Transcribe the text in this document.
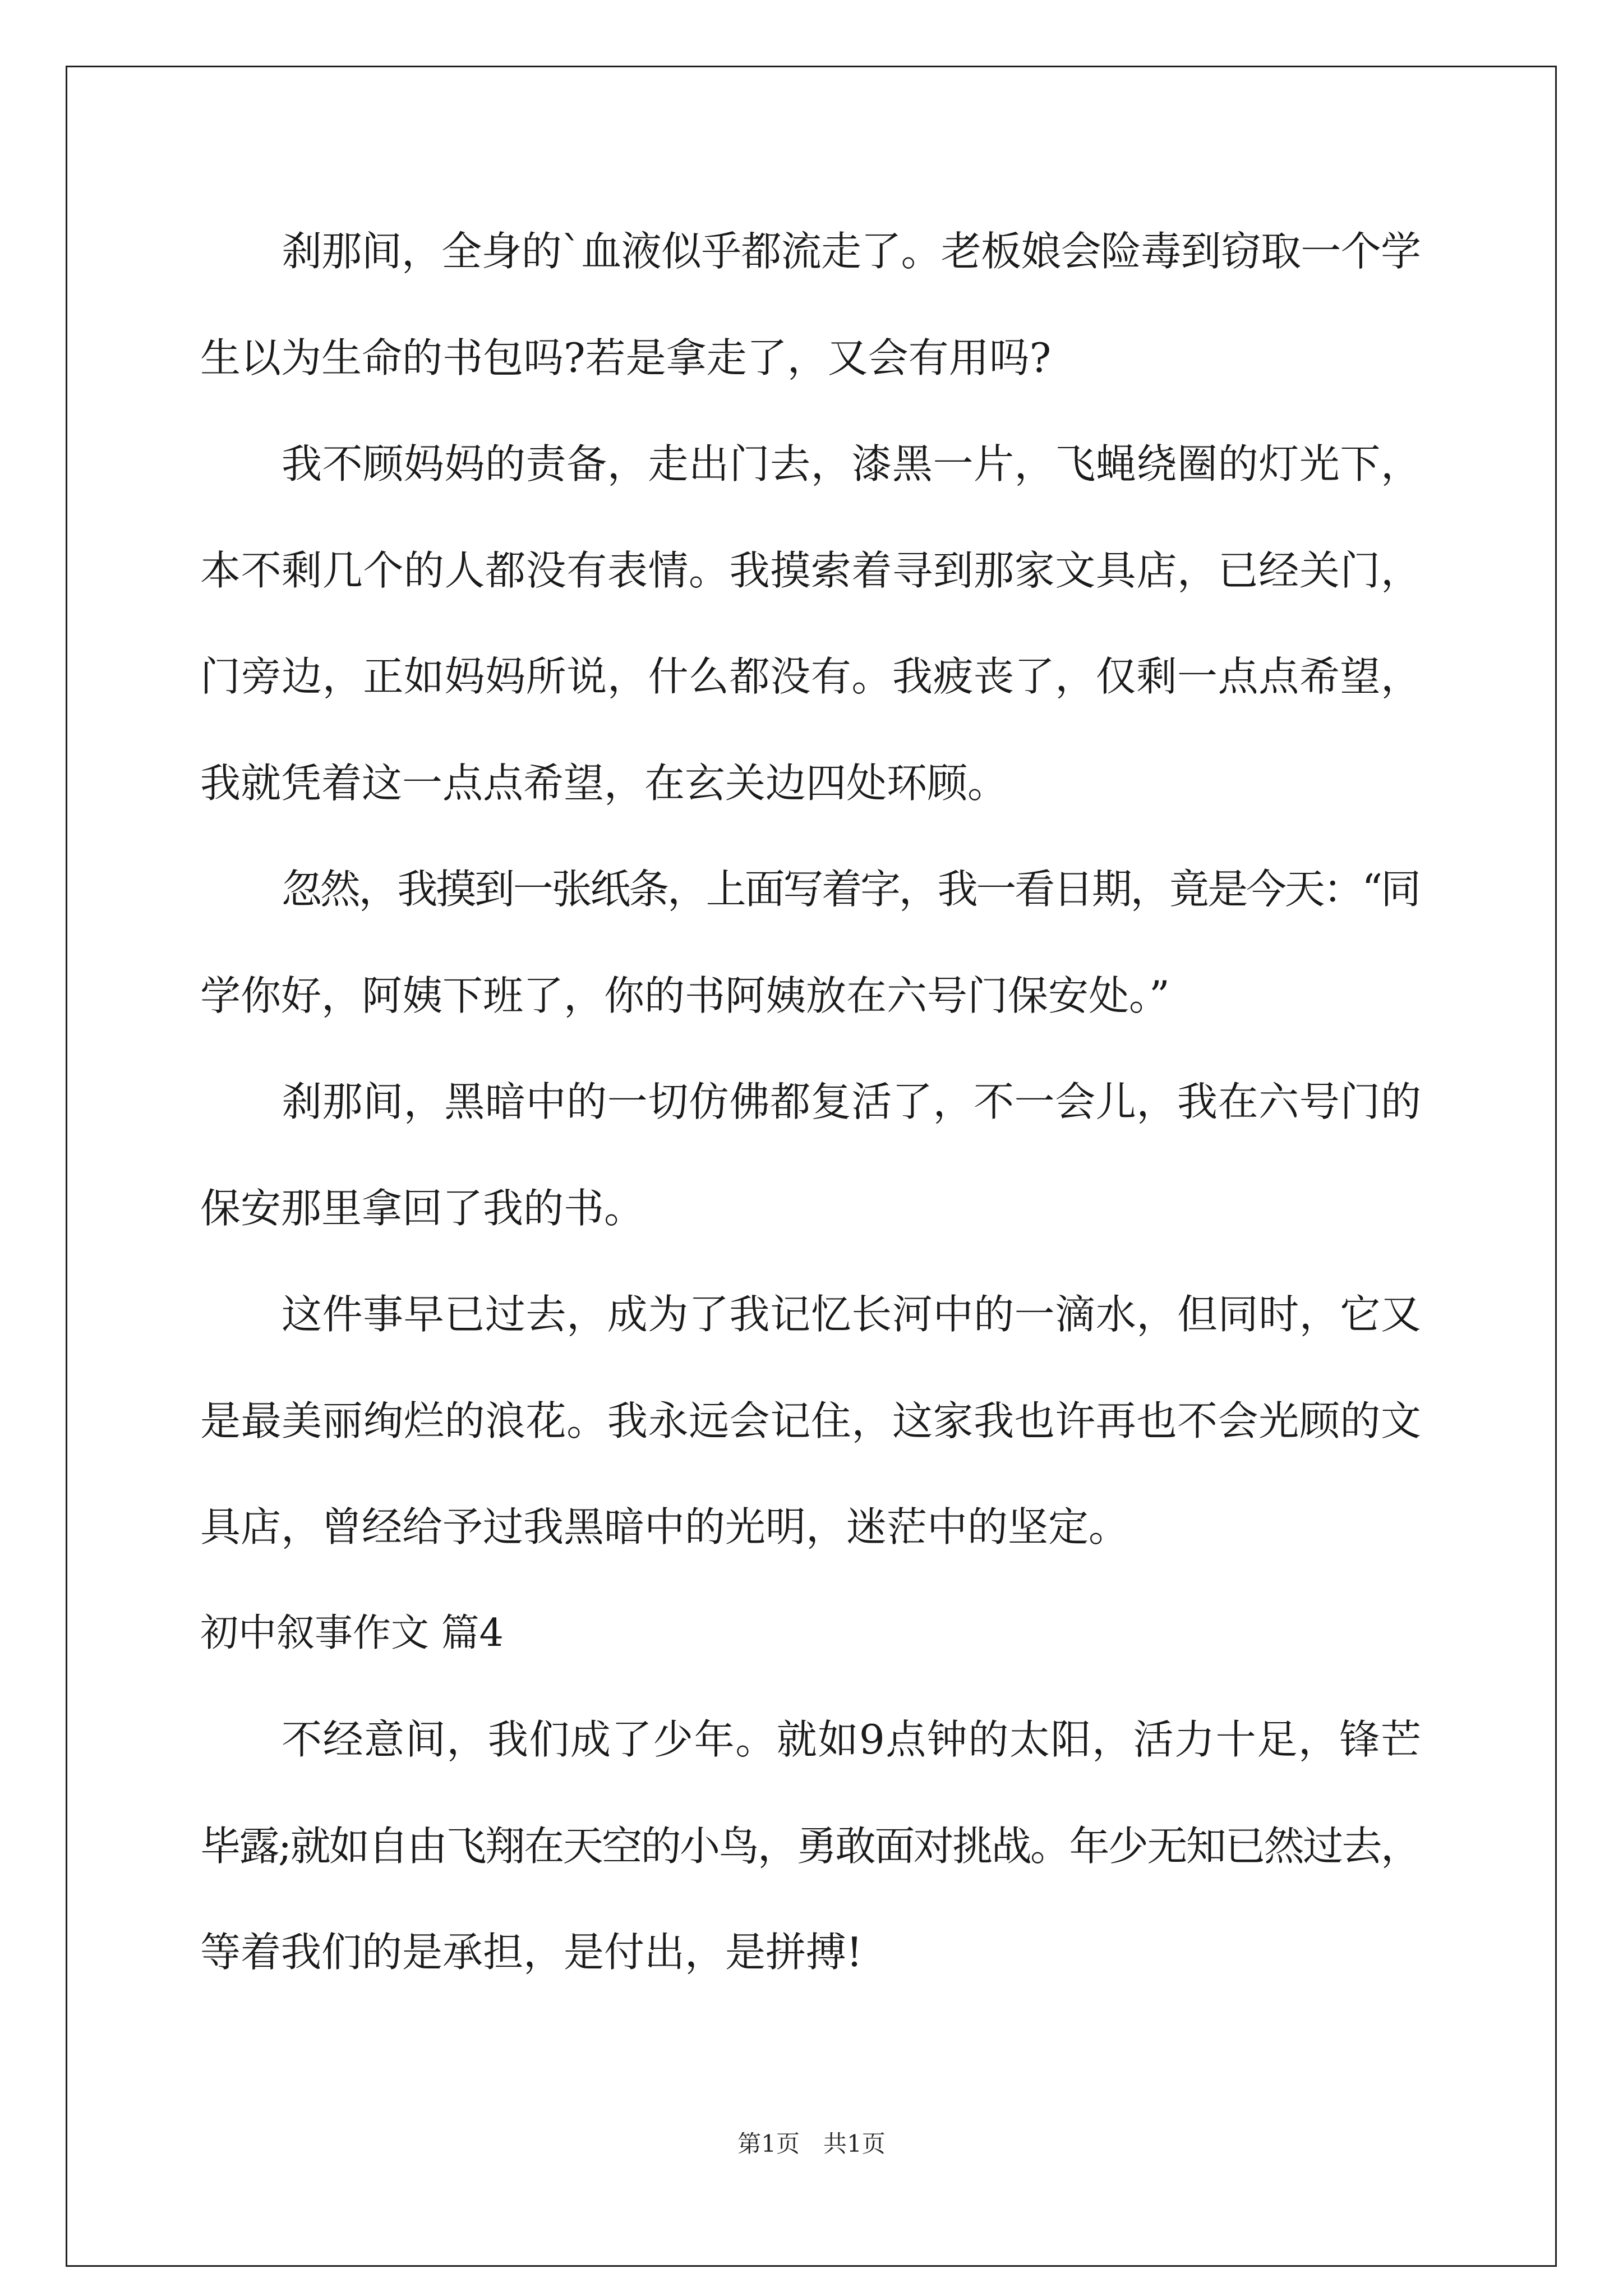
刹那间，全身的`血液似乎都流走了。老板娘会险毒到窃取一个学
生以为生命的书包吗?若是拿走了，又会有用吗?
我不顾妈妈的责备，走出门去，漆黑一片，飞蝇绕圈的灯光下，
本不剩几个的人都没有表情。我摸索着寻到那家文具店，已经关门，
门旁边，正如妈妈所说，什么都没有。我疲丧了，仅剩一点点希望，
我就凭着这一点点希望，在玄关边四处环顾。
忽然，我摸到一张纸条，上面写着字，我一看日期，竟是今天：“同
学你好，阿姨下班了，你的书阿姨放在六号门保安处。”
刹那间，黑暗中的一切仿佛都复活了，不一会儿，我在六号门的
保安那里拿回了我的书。
这件事早已过去，成为了我记忆长河中的一滴水，但同时，它又
是最美丽绚烂的浪花。我永远会记住，这家我也许再也不会光顾的文
具店，曾经给予过我黑暗中的光明，迷茫中的坚定。
初中叙事作文 篇4
不经意间，我们成了少年。就如9点钟的太阳，活力十足，锋芒
毕露;就如自由飞翔在天空的小鸟，勇敢面对挑战。年少无知已然过去，
等着我们的是承担，是付出，是拼搏!
第1页　共1页
